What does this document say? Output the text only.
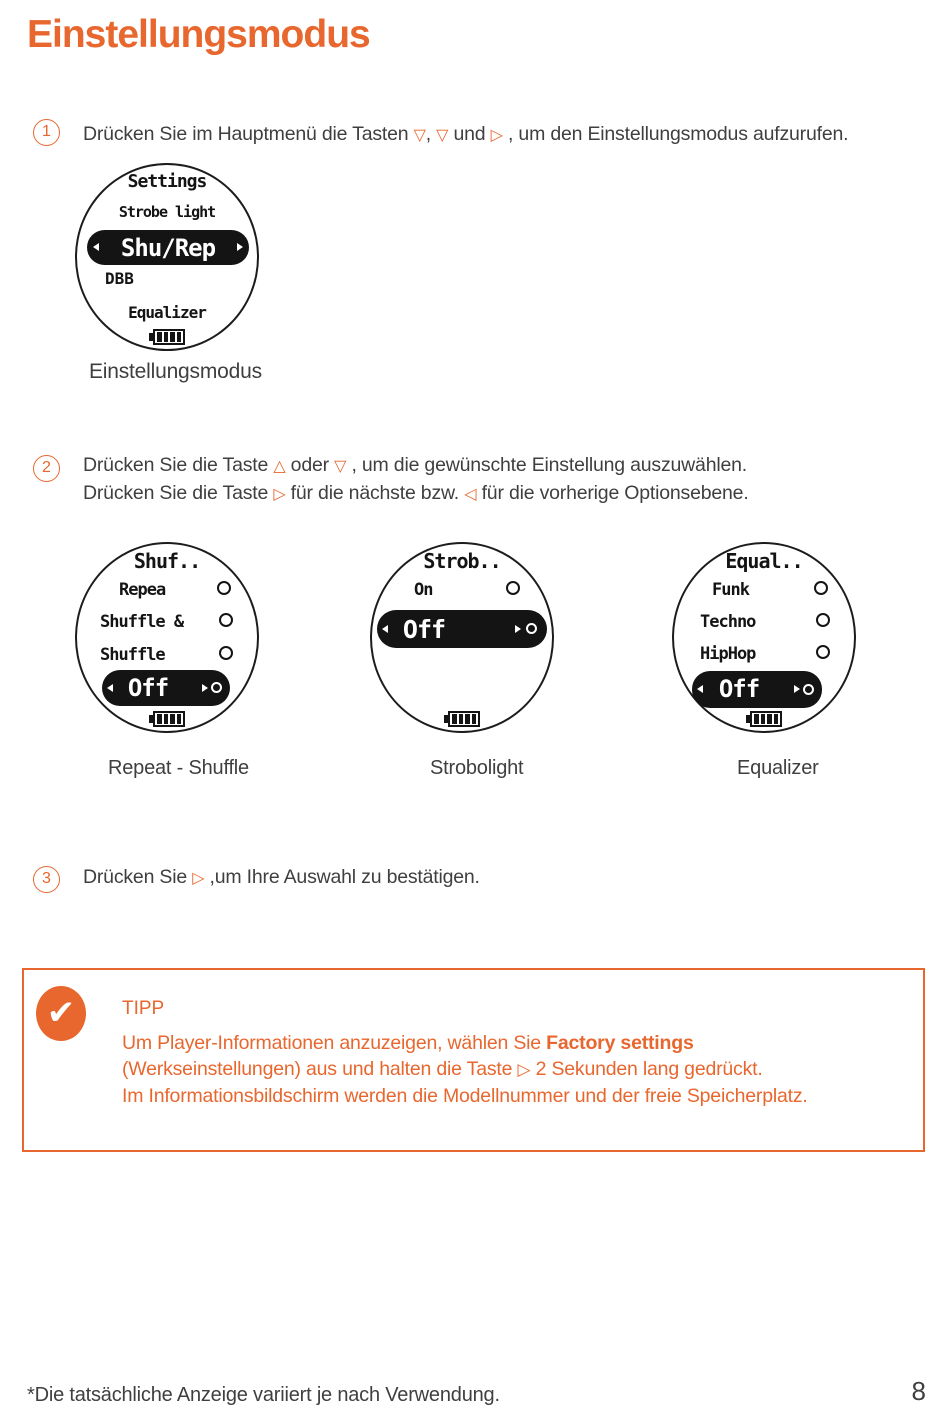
Einstellungsmodus
1	Drücken Sie im Hauptmenü die Tasten ▽, ▽ und ▷ , um den Einstellungsmodus aufzurufen.
Settings
Strobe light
Shu/Rep
DBB
Equalizer
Einstellungsmodus
2	Drücken Sie die Taste △ oder ▽ , um die gewünschte Einstellung auszuwählen.
Drücken Sie die Taste ▷ für die nächste bzw. ◁ für die vorherige Optionsebene.
Shuf..
Repea
Shuffle &
Shuffle
Off
Strob..
On
Off
Equal..
Funk
Techno
HipHop
Off
Repeat - Shuffle	Strobolight	Equalizer
3	Drücken Sie ▷ ,um Ihre Auswahl zu bestätigen.
✔	TIPP
Um Player-Informationen anzuzeigen, wählen Sie Factory settings
(Werkseinstellungen) aus und halten die Taste ▷ 2 Sekunden lang gedrückt.
Im Informationsbildschirm werden die Modellnummer und der freie Speicherplatz.
*Die tatsächliche Anzeige variiert je nach Verwendung.	8
